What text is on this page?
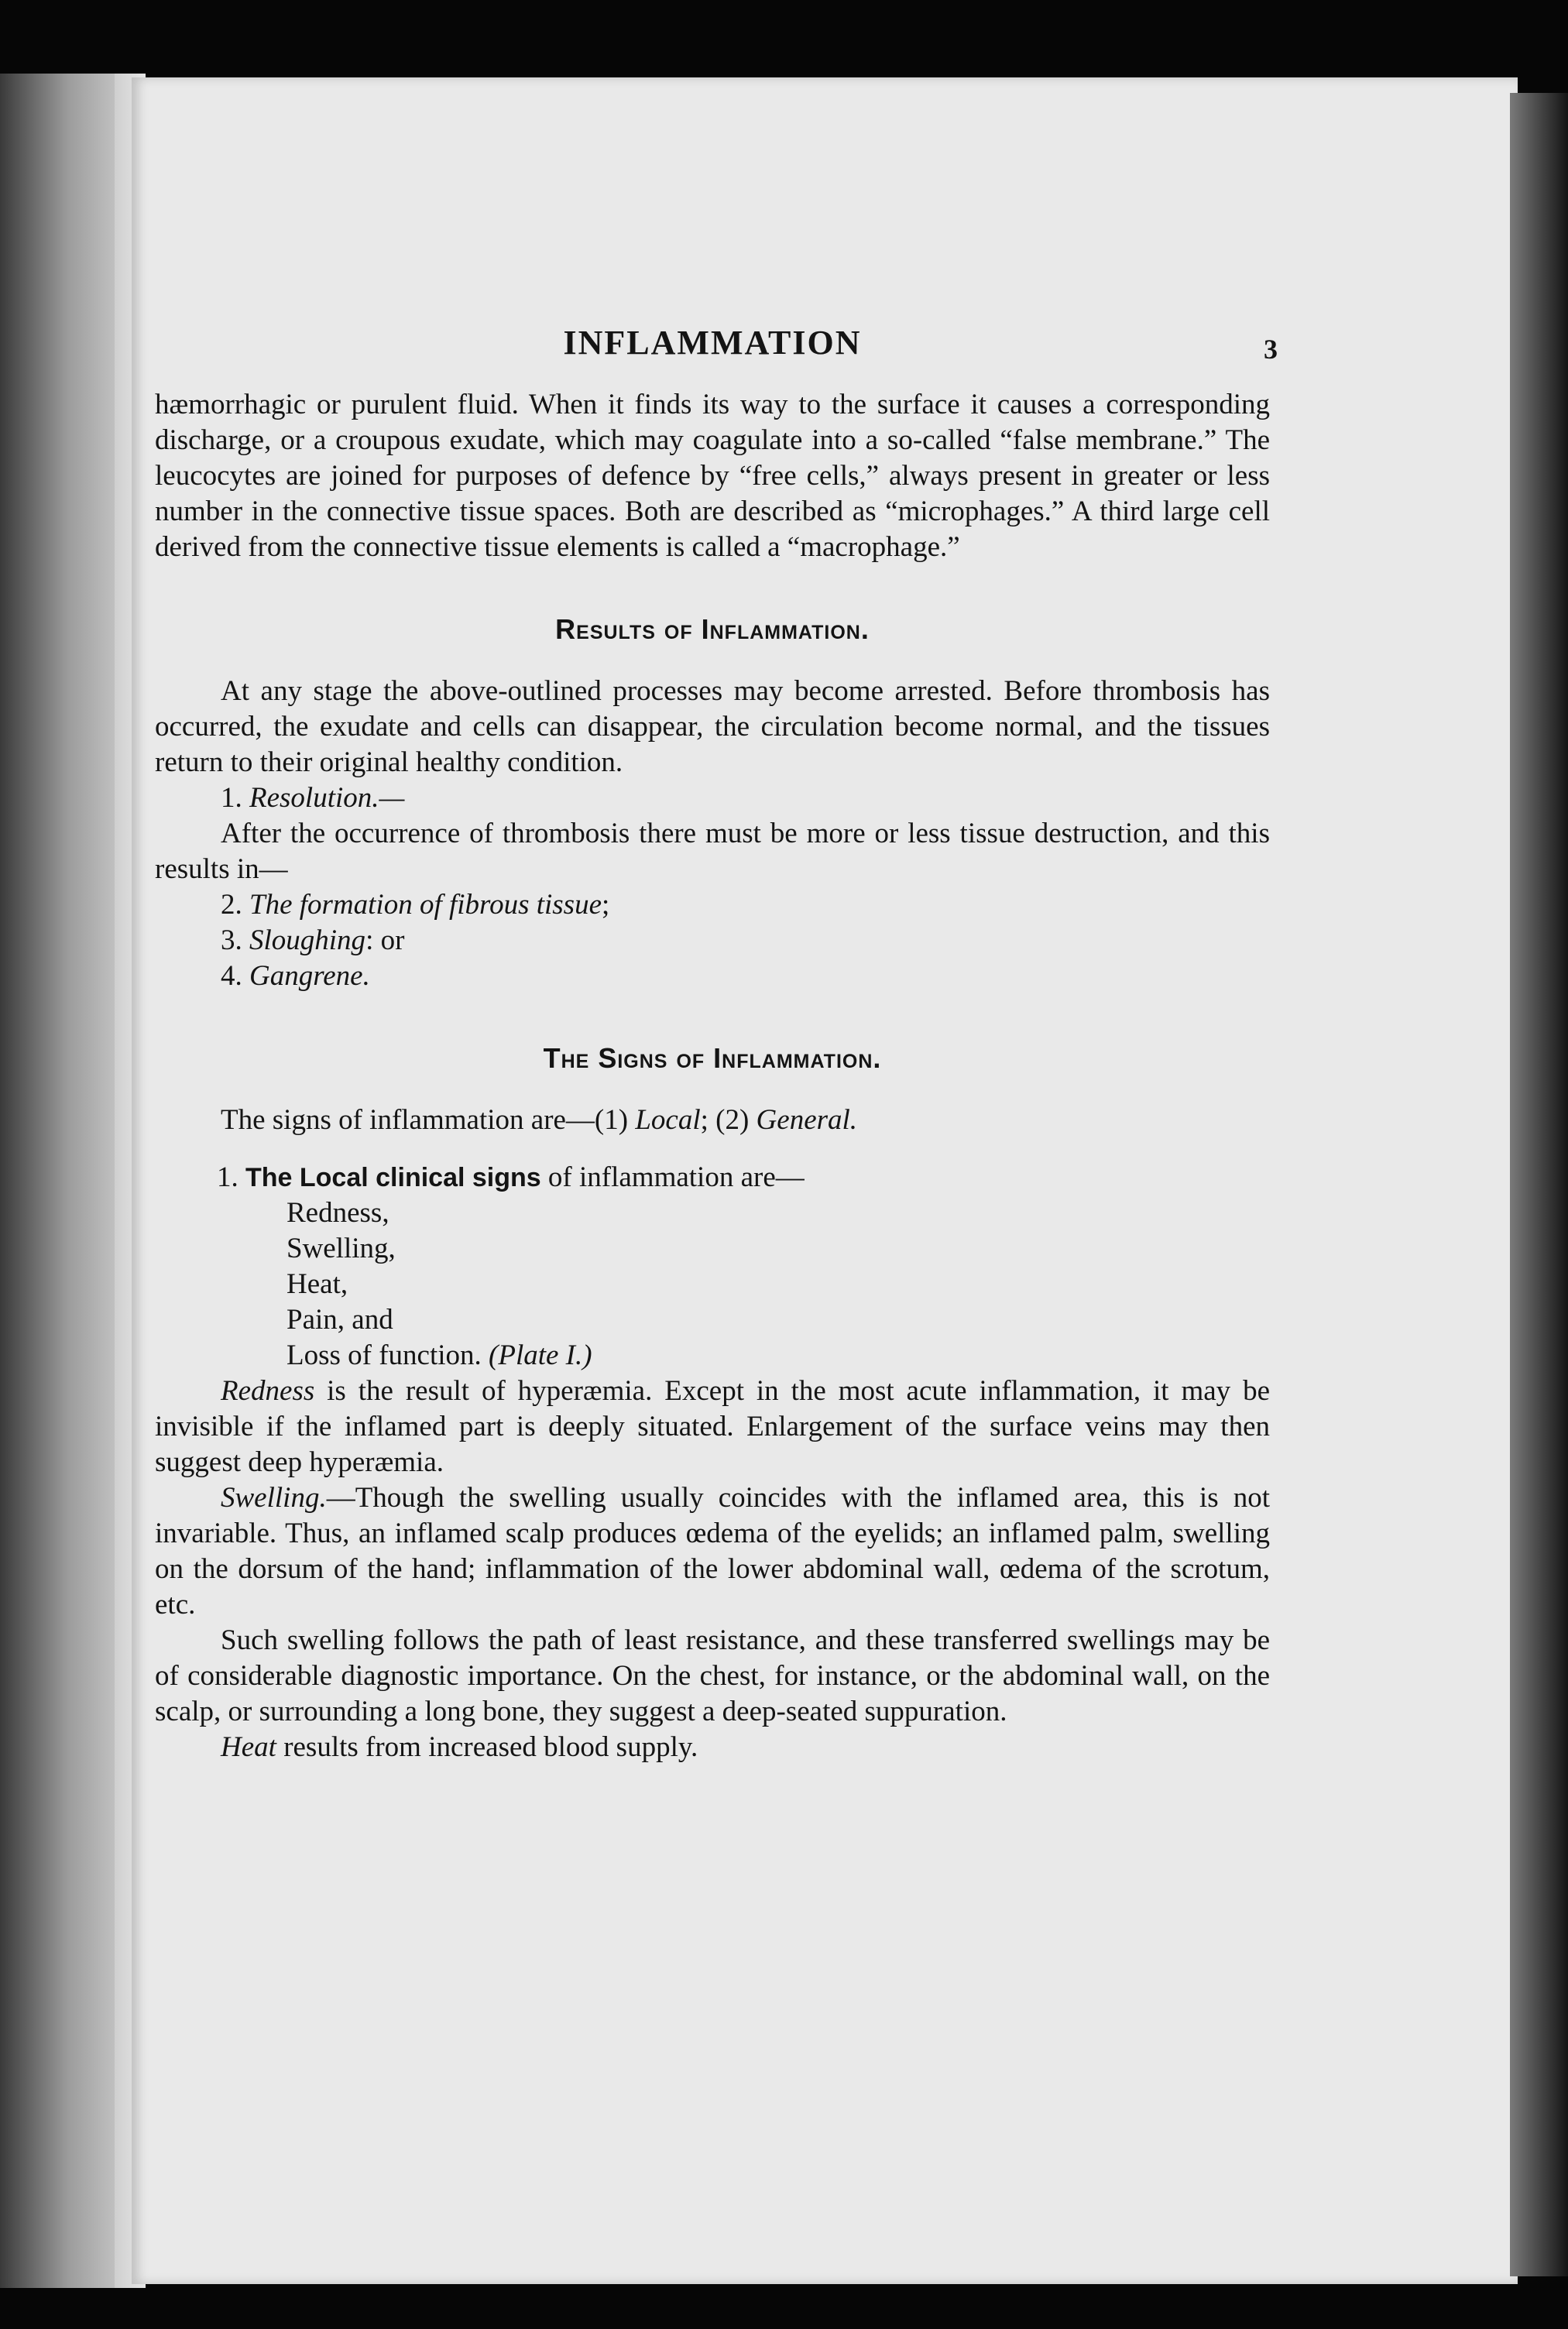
INFLAMMATION	3

hæmorrhagic or purulent fluid. When it finds its way to the surface it causes a corresponding discharge, or a croupous exudate, which may coagulate into a so-called “false membrane.” The leucocytes are joined for purposes of defence by “free cells,” always present in greater or less number in the connective tissue spaces. Both are described as “microphages.” A third large cell derived from the connective tissue elements is called a “macrophage.”

Results of Inflammation.

At any stage the above-outlined processes may become arrested. Before thrombosis has occurred, the exudate and cells can disappear, the circulation become normal, and the tissues return to their original healthy condition.

1. Resolution.—

After the occurrence of thrombosis there must be more or less tissue destruction, and this results in—

2. The formation of fibrous tissue;
3. Sloughing: or
4. Gangrene.
The Signs of Inflammation.

The signs of inflammation are—(1) Local; (2) General.

1. The Local clinical signs of inflammation are—
Redness,
Swelling,
Heat,
Pain, and
Loss of function. (Plate I.)

Redness is the result of hyperæmia. Except in the most acute inflammation, it may be invisible if the inflamed part is deeply situated. Enlargement of the surface veins may then suggest deep hyperæmia.

Swelling.—Though the swelling usually coincides with the inflamed area, this is not invariable. Thus, an inflamed scalp produces œdema of the eyelids; an inflamed palm, swelling on the dorsum of the hand; inflammation of the lower abdominal wall, œdema of the scrotum, etc.

Such swelling follows the path of least resistance, and these transferred swellings may be of considerable diagnostic importance. On the chest, for instance, or the abdominal wall, on the scalp, or surrounding a long bone, they suggest a deep-seated suppuration.

Heat results from increased blood supply.
